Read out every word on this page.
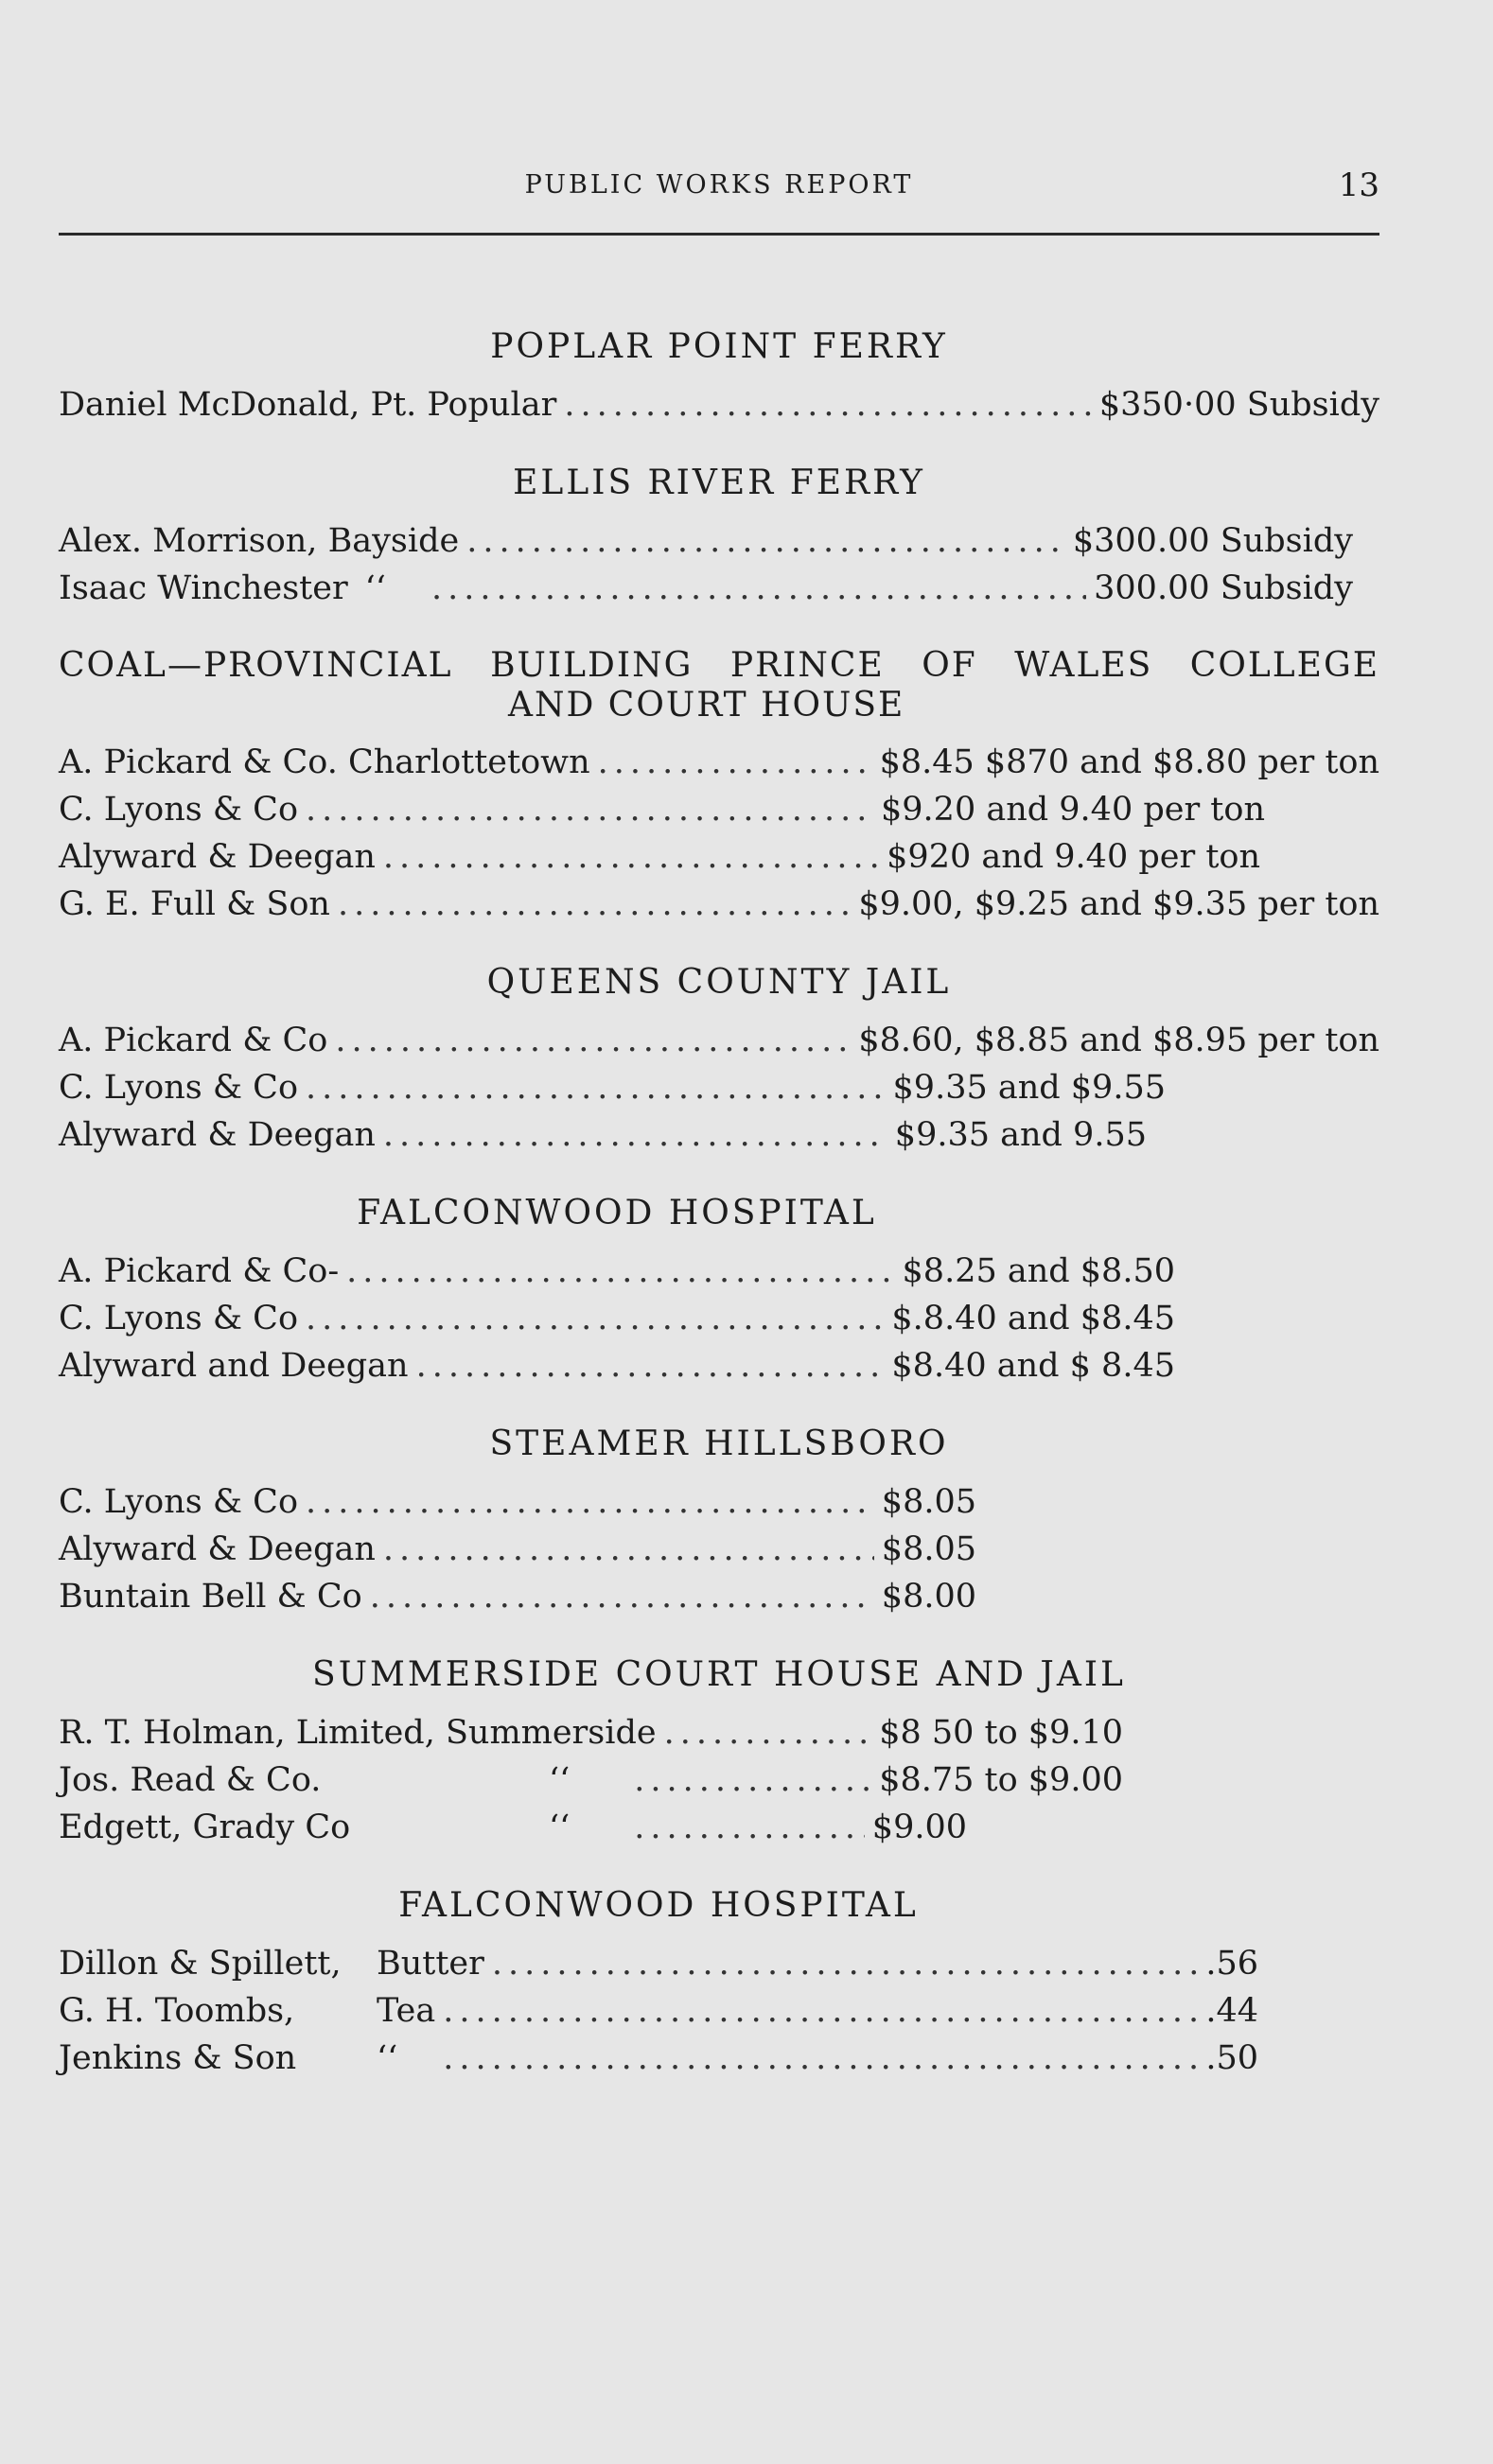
PUBLIC WORKS REPORT	13
POPLAR POINT FERRY
Daniel McDonald, Pt. Popular .....	$350·00 Subsidy
ELLIS RIVER FERRY
Alex. Morrison, Bayside .....	$300.00 Subsidy
Isaac Winchester ‘‘ .....	300.00 Subsidy
COAL—PROVINCIAL BUILDING PRINCE OF WALES COLLEGE
AND COURT HOUSE
A. Pickard & Co. Charlottetown .....	$8.45 $870 and $8.80 per ton
C. Lyons & Co .....	$9.20 and 9.40 per ton
Alyward & Deegan .....	$920 and 9.40 per ton
G. E. Full & Son .....	$9.00, $9.25 and $9.35 per ton
QUEENS COUNTY JAIL
A. Pickard & Co .....	$8.60, $8.85 and $8.95 per ton
C. Lyons & Co .....	$9.35 and $9.55
Alyward & Deegan .....	$9.35 and 9.55
FALCONWOOD HOSPITAL
A. Pickard & Co- .....	$8.25 and $8.50
C. Lyons & Co .....	$.8.40 and $8.45
Alyward and Deegan .....	$8.40 and $ 8.45
STEAMER HILLSBORO
C. Lyons & Co .....	$8.05
Alyward & Deegan .....	$8.05
Buntain Bell & Co .....	$8.00
SUMMERSIDE COURT HOUSE AND JAIL
R. T. Holman, Limited, Summerside .....	$8 50 to $9.10
Jos. Read & Co.	‘‘ .....	$8.75 to $9.00
Edgett, Grady Co	‘‘ .....	$9.00
FALCONWOOD HOSPITAL
Dillon & Spillett,	Butter .....	.56
G. H. Toombs,	Tea .....	.44
Jenkins & Son	‘‘ .....	.50
